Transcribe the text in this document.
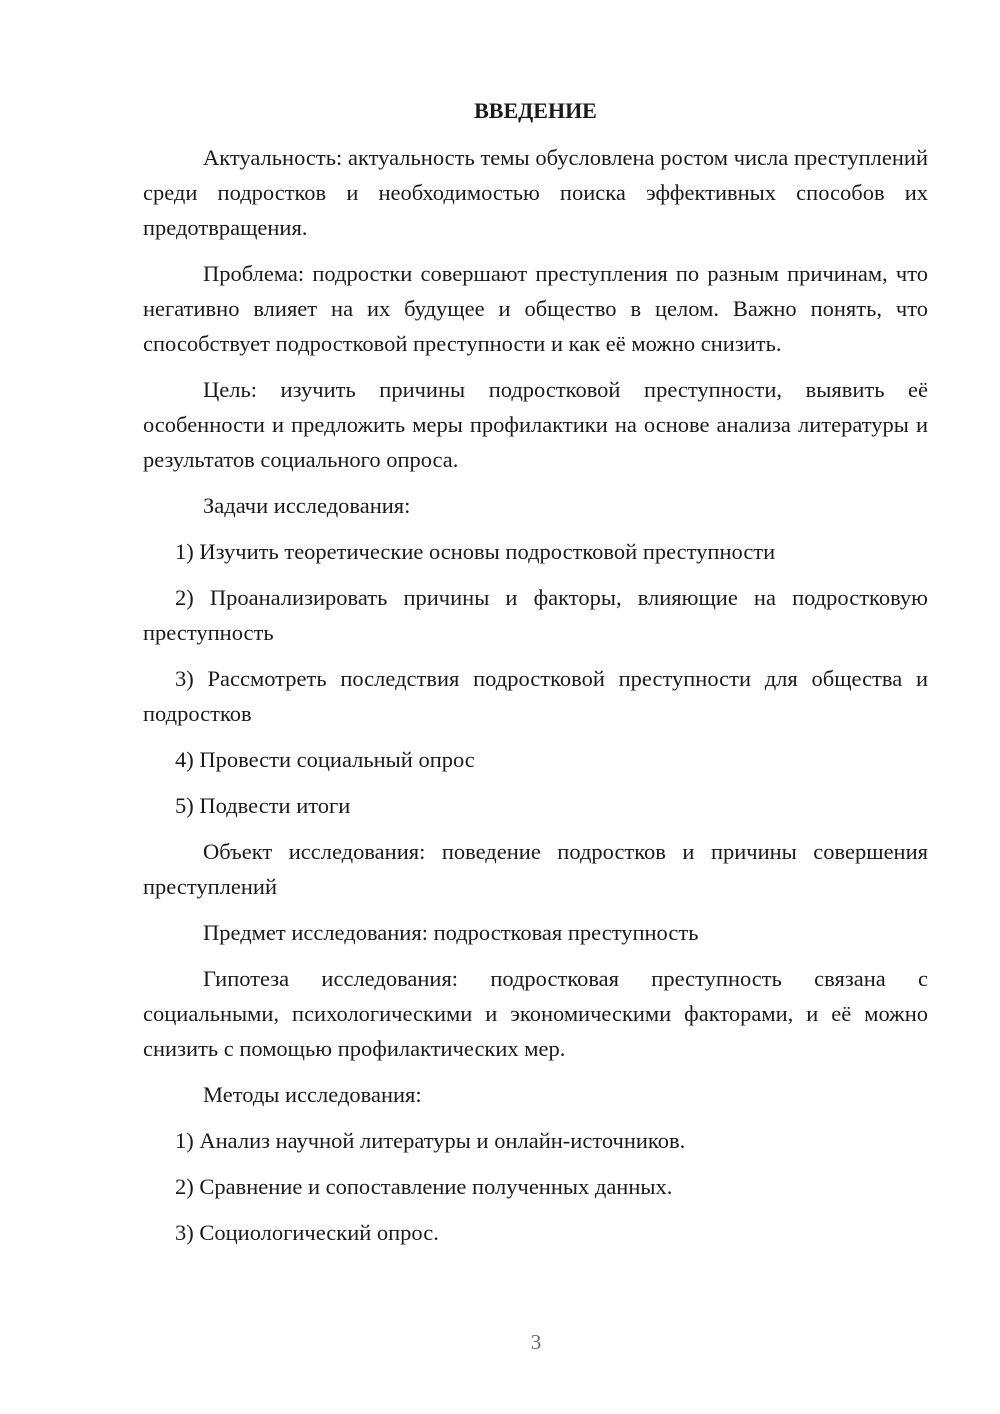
ВВЕДЕНИЕ

Актуальность: актуальность темы обусловлена ростом числа преступлений среди подростков и необходимостью поиска эффективных способов их предотвращения.

Проблема: подростки совершают преступления по разным причинам, что негативно влияет на их будущее и общество в целом. Важно понять, что способствует подростковой преступности и как её можно снизить.

Цель: изучить причины подростковой преступности, выявить её особенности и предложить меры профилактики на основе анализа литературы и результатов социального опроса.

Задачи исследования:

1) Изучить теоретические основы подростковой преступности

2) Проанализировать причины и факторы, влияющие на подростковую преступность

3) Рассмотреть последствия подростковой преступности для общества и подростков

4) Провести социальный опрос

5) Подвести итоги

Объект исследования: поведение подростков и причины совершения преступлений

Предмет исследования: подростковая преступность

Гипотеза исследования: подростковая преступность связана с социальными, психологическими и экономическими факторами, и её можно снизить с помощью профилактических мер.

Методы исследования:

1) Анализ научной литературы и онлайн-источников.

2) Сравнение и сопоставление полученных данных.

3) Социологический опрос.

3
